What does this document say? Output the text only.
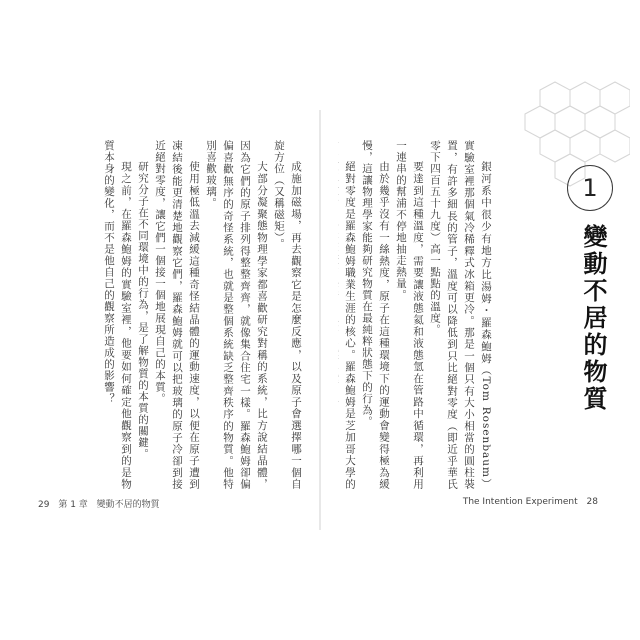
成施加磁場，再去觀察它是怎麼反應，以及原子會選擇哪一個自旋方位（又稱磁矩）。

大部分凝聚態物理學家都喜歡研究對稱的系統，比方說結晶體，因為它們的原子排列得整整齊齊，就像集合住宅一樣。羅森鮑姆卻偏偏喜歡無序的奇怪系統，也就是整個系統缺乏整齊秩序的物質。他特別喜歡玻璃。

使用極低溫去減緩這種奇怪結晶體的運動速度，以便在原子遭到凍結後能更清楚地觀察它們，羅森鮑姆就可以把玻璃的原子冷卻到接近絕對零度，讓它們一個接一個地展現自己的本質。

研究分子在不同環境中的行為，是了解物質的本質的關鍵。

現之前，在羅森鮑姆的實驗室裡，他要如何確定他觀察到的是物質本身的變化，而不是他自己的觀察所造成的影響？

29 第 1 章 變動不居的物質
1
變動不居的物質

銀河系中很少有地方比湯姆・羅森鮑姆（Tom Rosenbaum）實驗室裡那個氣冷稀釋式冰箱更冷。那是一個只有大小相當的圓柱裝置，有許多細長的管子，溫度可以降低到只比絕對零度（即近乎華氏零下四百五十九度）高一點點的溫度。

要達到這種溫度，需要讓液態氦和液態氫在管路中循環，再利用一連串的幫浦不停地抽走熱量。

由於幾乎沒有一絲熱度，原子在這種環境下的運動會變得極為緩慢，這讓物理學家能夠研究物質在最純粹狀態下的行為。

絕對零度是羅森鮑姆職業生涯的核心。羅森鮑姆是芝加哥大學的

The Intention Experiment 28
